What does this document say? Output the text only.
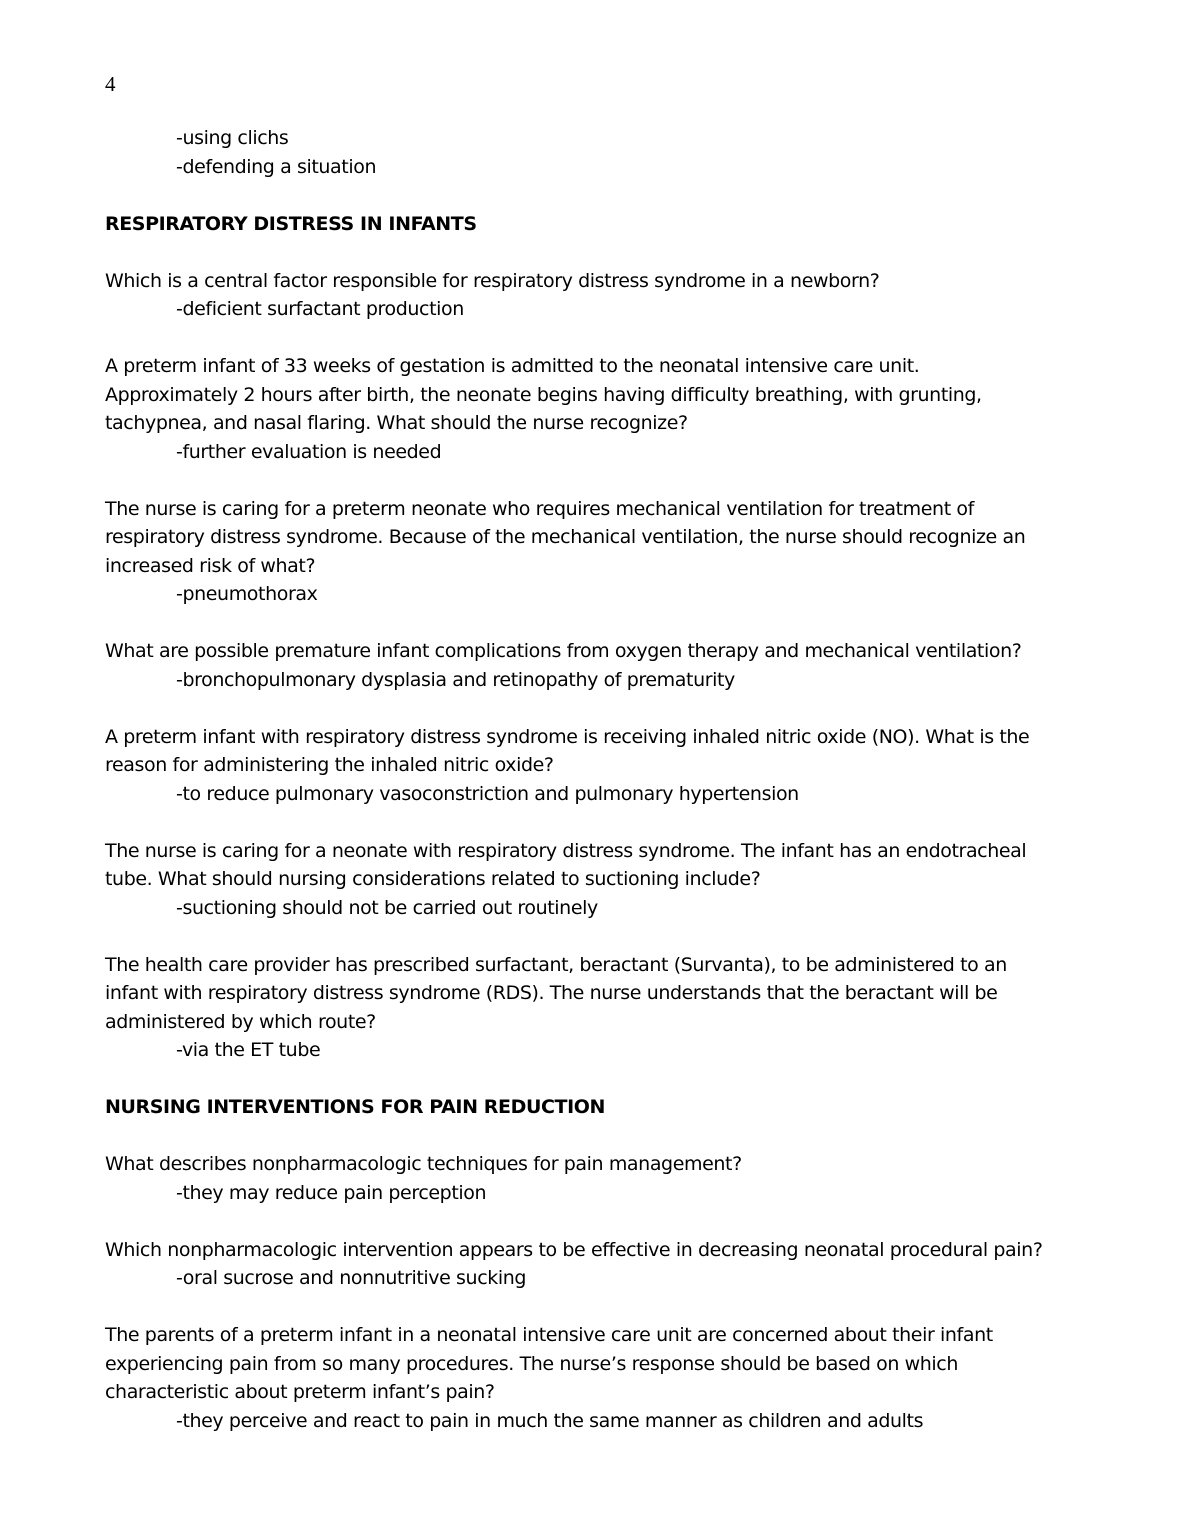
4
-using clichs
-defending a situation
RESPIRATORY DISTRESS IN INFANTS
Which is a central factor responsible for respiratory distress syndrome in a newborn?
-deficient surfactant production
A preterm infant of 33 weeks of gestation is admitted to the neonatal intensive care unit.
Approximately 2 hours after birth, the neonate begins having difficulty breathing, with grunting,
tachypnea, and nasal flaring. What should the nurse recognize?
-further evaluation is needed
The nurse is caring for a preterm neonate who requires mechanical ventilation for treatment of
respiratory distress syndrome. Because of the mechanical ventilation, the nurse should recognize an
increased risk of what?
-pneumothorax
What are possible premature infant complications from oxygen therapy and mechanical ventilation?
-bronchopulmonary dysplasia and retinopathy of prematurity
A preterm infant with respiratory distress syndrome is receiving inhaled nitric oxide (NO). What is the
reason for administering the inhaled nitric oxide?
-to reduce pulmonary vasoconstriction and pulmonary hypertension
The nurse is caring for a neonate with respiratory distress syndrome. The infant has an endotracheal
tube. What should nursing considerations related to suctioning include?
-suctioning should not be carried out routinely
The health care provider has prescribed surfactant, beractant (Survanta), to be administered to an
infant with respiratory distress syndrome (RDS). The nurse understands that the beractant will be
administered by which route?
-via the ET tube
NURSING INTERVENTIONS FOR PAIN REDUCTION
What describes nonpharmacologic techniques for pain management?
-they may reduce pain perception
Which nonpharmacologic intervention appears to be effective in decreasing neonatal procedural pain?
-oral sucrose and nonnutritive sucking
The parents of a preterm infant in a neonatal intensive care unit are concerned about their infant
experiencing pain from so many procedures. The nurse’s response should be based on which
characteristic about preterm infant’s pain?
-they perceive and react to pain in much the same manner as children and adults
